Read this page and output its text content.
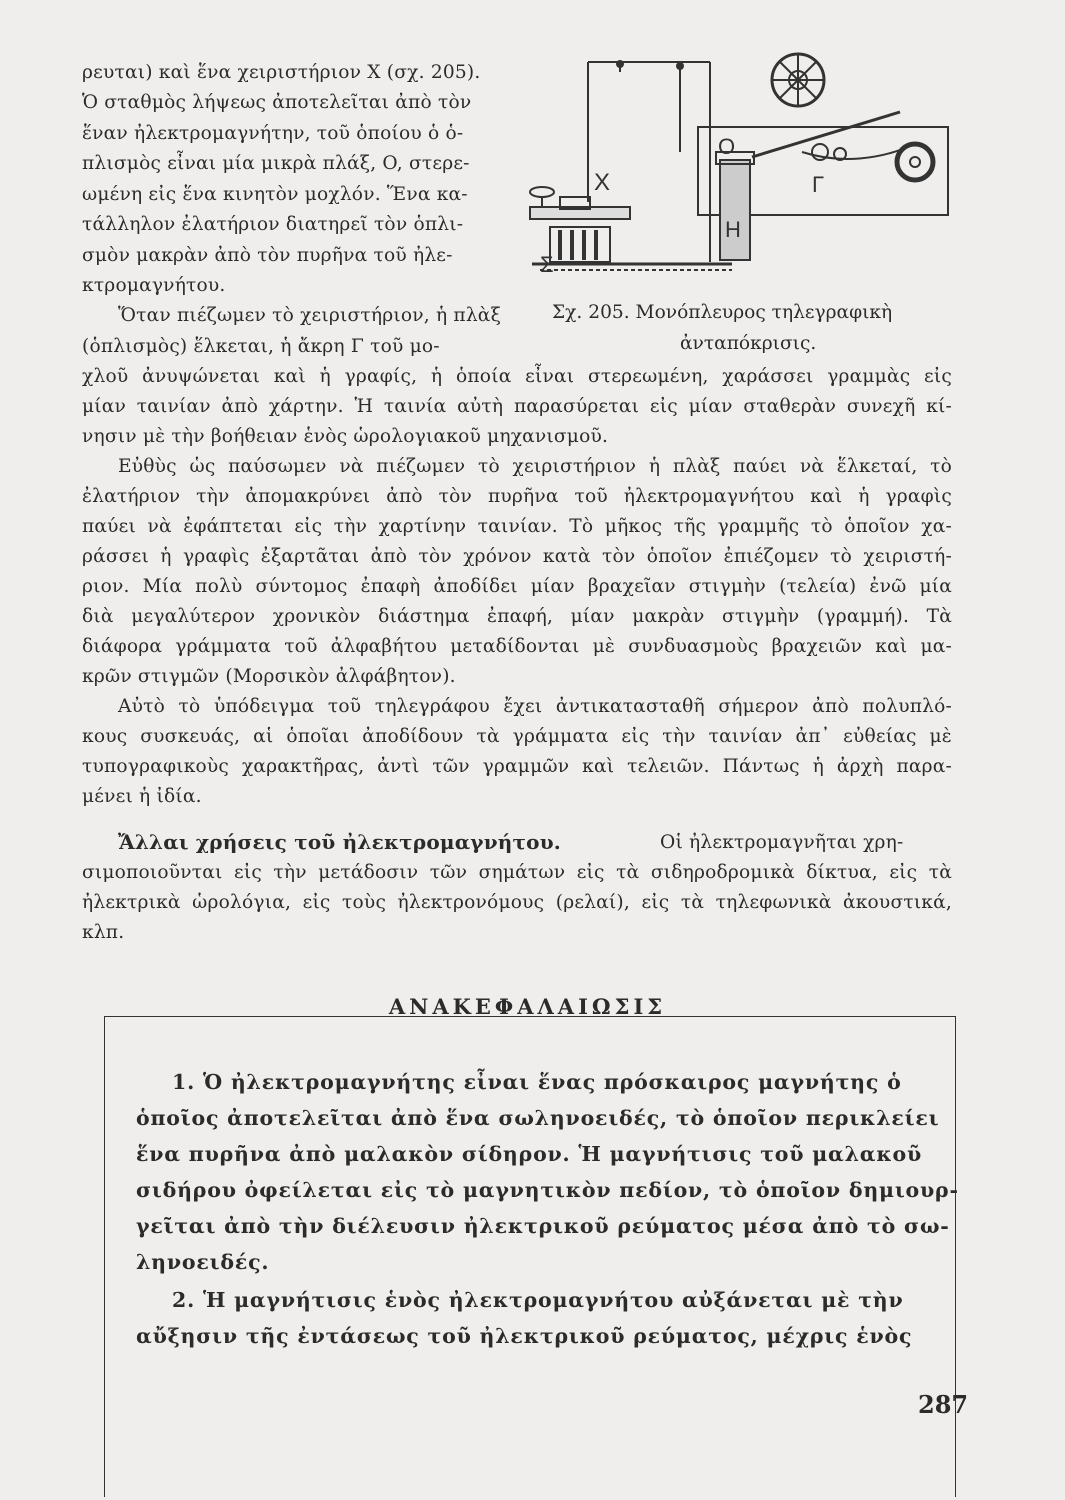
ρευται) καὶ ἕνα χειριστήριον X (σχ. 205).
Ὁ σταθμὸς λήψεως ἀποτελεῖται ἀπὸ τὸν
ἕναν ἠλεκτρομαγνήτην, τοῦ ὁποίου ὁ ὁ-
πλισμὸς εἶναι μία μικρὰ πλάξ, O, στερε-
ωμένη εἰς ἕνα κινητὸν μοχλόν. Ἕνα κα-
τάλληλον ἐλατήριον διατηρεῖ τὸν ὁπλι-
σμὸν μακρὰν ἀπὸ τὸν πυρῆνα τοῦ ἠλε-
κτρομαγνήτου.
Ὅταν πιέζωμεν τὸ χειριστήριον, ἡ πλὰξ
(ὁπλισμὸς) ἕλκεται, ἡ ἄκρη Γ τοῦ μο-
X
H
Σ
O
Γ
Σχ. 205. Μονόπλευρος τηλεγραφικὴ
ἀνταπόκρισις.
χλοῦ ἀνυψώνεται καὶ ἡ γραφίς, ἡ ὁποία εἶναι στερεωμένη, χαράσσει γραμμὰς εἰς
μίαν ταινίαν ἀπὸ χάρτην. Ἡ ταινία αὐτὴ παρασύρεται εἰς μίαν σταθερὰν συνεχῆ κί-
νησιν μὲ τὴν βοήθειαν ἑνὸς ὡρολογιακοῦ μηχανισμοῦ.
Εὐθὺς ὡς παύσωμεν νὰ πιέζωμεν τὸ χειριστήριον ἡ πλὰξ παύει νὰ ἕλκεταί, τὸ
ἐλατήριον τὴν ἀπομακρύνει ἀπὸ τὸν πυρῆνα τοῦ ἠλεκτρομαγνήτου καὶ ἡ γραφὶς
παύει νὰ ἐφάπτεται εἰς τὴν χαρτίνην ταινίαν. Τὸ μῆκος τῆς γραμμῆς τὸ ὁποῖον χα-
ράσσει ἡ γραφὶς ἐξαρτᾶται ἀπὸ τὸν χρόνον κατὰ τὸν ὁποῖον ἐπιέζομεν τὸ χειριστή-
ριον. Μία πολὺ σύντομος ἐπαφὴ ἀποδίδει μίαν βραχεῖαν στιγμὴν (τελεία) ἐνῶ μία
διὰ μεγαλύτερον χρονικὸν διάστημα ἐπαφή, μίαν μακρὰν στιγμὴν (γραμμή). Τὰ
διάφορα γράμματα τοῦ ἀλφαβήτου μεταδίδονται μὲ συνδυασμοὺς βραχειῶν καὶ μα-
κρῶν στιγμῶν (Μορσικὸν ἀλφάβητον).
Αὐτὸ τὸ ὑπόδειγμα τοῦ τηλεγράφου ἔχει ἀντικατασταθῆ σήμερον ἀπὸ πολυπλό-
κους συσκευάς, αἱ ὁποῖαι ἀποδίδουν τὰ γράμματα εἰς τὴν ταινίαν ἀπ᾽ εὐθείας μὲ
τυπογραφικοὺς χαρακτῆρας, ἀντὶ τῶν γραμμῶν καὶ τελειῶν. Πάντως ἡ ἀρχὴ παρα-
μένει ἡ ἰδία.
Ἄλλαι χρήσεις τοῦ ἠλεκτρομαγνήτου.	Οἱ ἠλεκτρομαγνῆται χρη-
σιμοποιοῦνται εἰς τὴν μετάδοσιν τῶν σημάτων εἰς τὰ σιδηροδρομικὰ δίκτυα, εἰς τὰ
ἠλεκτρικὰ ὡρολόγια, εἰς τοὺς ἠλεκτρονόμους (ρελαί), εἰς τὰ τηλεφωνικὰ ἀκουστικά,
κλπ.
ΑΝΑΚΕΦΑΛΑΙΩΣΙΣ
1. Ὁ ἠλεκτρομαγνήτης εἶναι ἕνας πρόσκαιρος μαγνήτης ὁ
ὁποῖος ἀποτελεῖται ἀπὸ ἕνα σωληνοειδές, τὸ ὁποῖον περικλείει
ἕνα πυρῆνα ἀπὸ μαλακὸν σίδηρον. Ἡ μαγνήτισις τοῦ μαλακοῦ
σιδήρου ὀφείλεται εἰς τὸ μαγνητικὸν πεδίον, τὸ ὁποῖον δημιουρ-
γεῖται ἀπὸ τὴν διέλευσιν ἠλεκτρικοῦ ρεύματος μέσα ἀπὸ τὸ σω-
ληνοειδές.
2. Ἡ μαγνήτισις ἑνὸς ἠλεκτρομαγνήτου αὐξάνεται μὲ τὴν
αὔξησιν τῆς ἐντάσεως τοῦ ἠλεκτρικοῦ ρεύματος, μέχρις ἑνὸς
287
